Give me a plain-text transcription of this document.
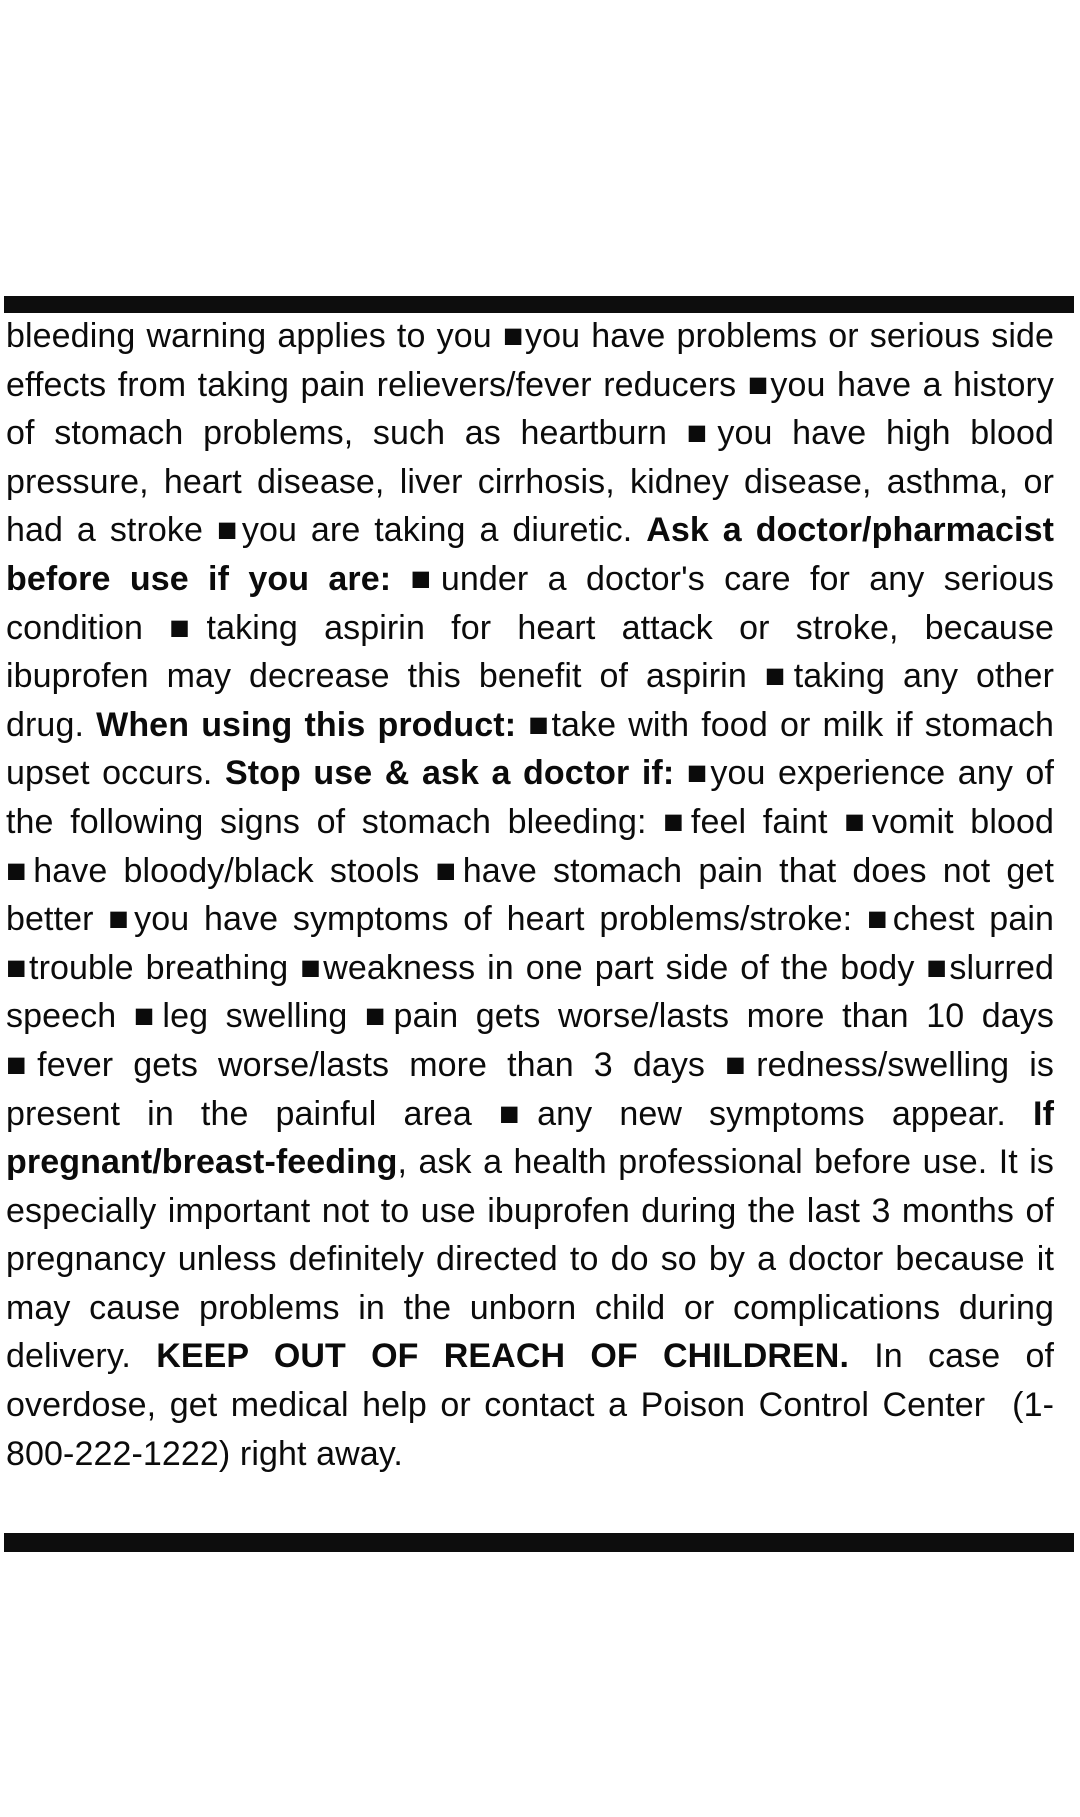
bleeding warning applies to you ■you have problems or serious side effects from taking pain relievers/fever reducers ■you have a history of stomach problems, such as heartburn ■you have high blood pressure, heart disease, liver cirrhosis, kidney disease, asthma, or had a stroke ■you are taking a diuretic. Ask a doctor/pharmacist before use if you are: ■under a doctor's care for any serious condition ■taking aspirin for heart attack or stroke, because ibuprofen may decrease this benefit of aspirin ■taking any other drug. When using this product: ■take with food or milk if stomach upset occurs. Stop use & ask a doctor if: ■you experience any of the following signs of stomach bleeding: ■feel faint ■vomit blood ■have bloody/black stools ■have stomach pain that does not get better ■you have symptoms of heart problems/stroke: ■chest pain ■trouble breathing ■weakness in one part side of the body ■slurred speech ■leg swelling ■pain gets worse/lasts more than 10 days ■fever gets worse/lasts more than 3 days ■redness/swelling is present in the painful area ■any new symptoms appear. If pregnant/breast-feeding, ask a health professional before use. It is especially important not to use ibuprofen during the last 3 months of pregnancy unless definitely directed to do so by a doctor because it may cause problems in the unborn child or complications during delivery. KEEP OUT OF REACH OF CHILDREN. In case of overdose, get medical help or contact a Poison Control Center  (1-800-222-1222) right away.
